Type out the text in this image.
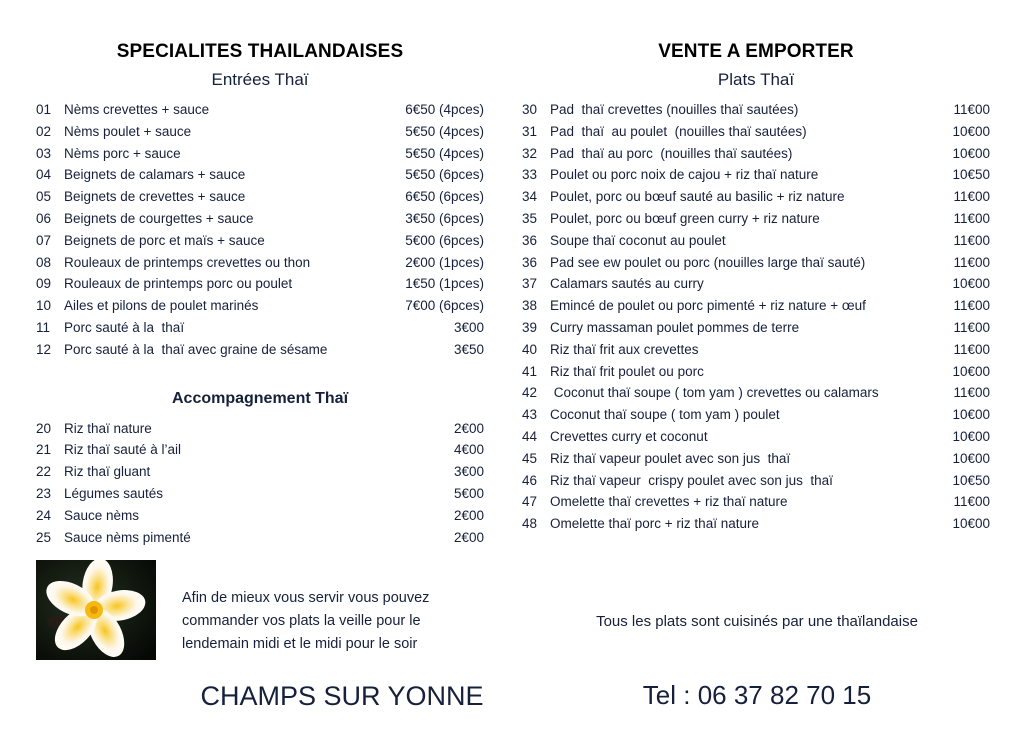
SPECIALITES THAILANDAISES
Entrées Thaï
01 Nèms crevettes + sauce	6€50 (4pces)
02 Nèms poulet + sauce	5€50 (4pces)
03 Nèms porc + sauce	5€50 (4pces)
04 Beignets de calamars + sauce	5€50 (6pces)
05 Beignets de crevettes + sauce	6€50 (6pces)
06 Beignets de courgettes + sauce	3€50 (6pces)
07 Beignets de porc et maïs + sauce	5€00 (6pces)
08 Rouleaux de printemps crevettes ou thon	2€00 (1pces)
09 Rouleaux de printemps porc ou poulet	1€50 (1pces)
10 Ailes et pilons de poulet marinés	7€00 (6pces)
11	Porc sauté à la  thaï	3€00
12 Porc sauté à la  thaï avec graine de sésame	3€50
Accompagnement Thaï
20 Riz thaï nature	2€00
21 Riz thaï sauté à l’ail	4€00
22 Riz thaï gluant	3€00
23 Légumes sautés	5€00
24 Sauce nèms	2€00
25 Sauce nèms pimenté	2€00
VENTE A EMPORTER
Plats Thaï
30 Pad  thaï crevettes (nouilles thaï sautées)	11€00
31 Pad  thaï  au poulet  (nouilles thaï sautées)	10€00
32 Pad  thaï au porc  (nouilles thaï sautées)	10€00
33 Poulet ou porc noix de cajou + riz thaï nature	10€50
34 Poulet, porc ou bœuf sauté au basilic + riz nature	11€00
35 Poulet, porc ou bœuf green curry + riz nature	11€00
36 Soupe thaï coconut au poulet	11€00
36 Pad see ew poulet ou porc (nouilles large thaï sauté)	11€00
37 Calamars sautés au curry	10€00
38 Emincé de poulet ou porc pimenté + riz nature + œuf	11€00
39 Curry massaman poulet pommes de terre	11€00
40 Riz thaï frit aux crevettes	11€00
41 Riz thaï frit poulet ou porc	10€00
42 Coconut thaï soupe ( tom yam ) crevettes ou calamars	11€00
43 Coconut thaï soupe ( tom yam ) poulet	10€00
44 Crevettes curry et coconut	10€00
45 Riz thaï vapeur poulet avec son jus  thaï	10€00
46 Riz thaï vapeur  crispy poulet avec son jus  thaï	10€50
47 Omelette thaï crevettes + riz thaï nature	11€00
48 Omelette thaï porc + riz thaï nature	10€00

Afin de mieux vous servir vous pouvez commander vos plats la veille pour le lendemain midi et le midi pour le soir

CHAMPS SUR YONNE

Tous les plats sont cuisinés par une thaïlandaise

Tel : 06 37 82 70 15
